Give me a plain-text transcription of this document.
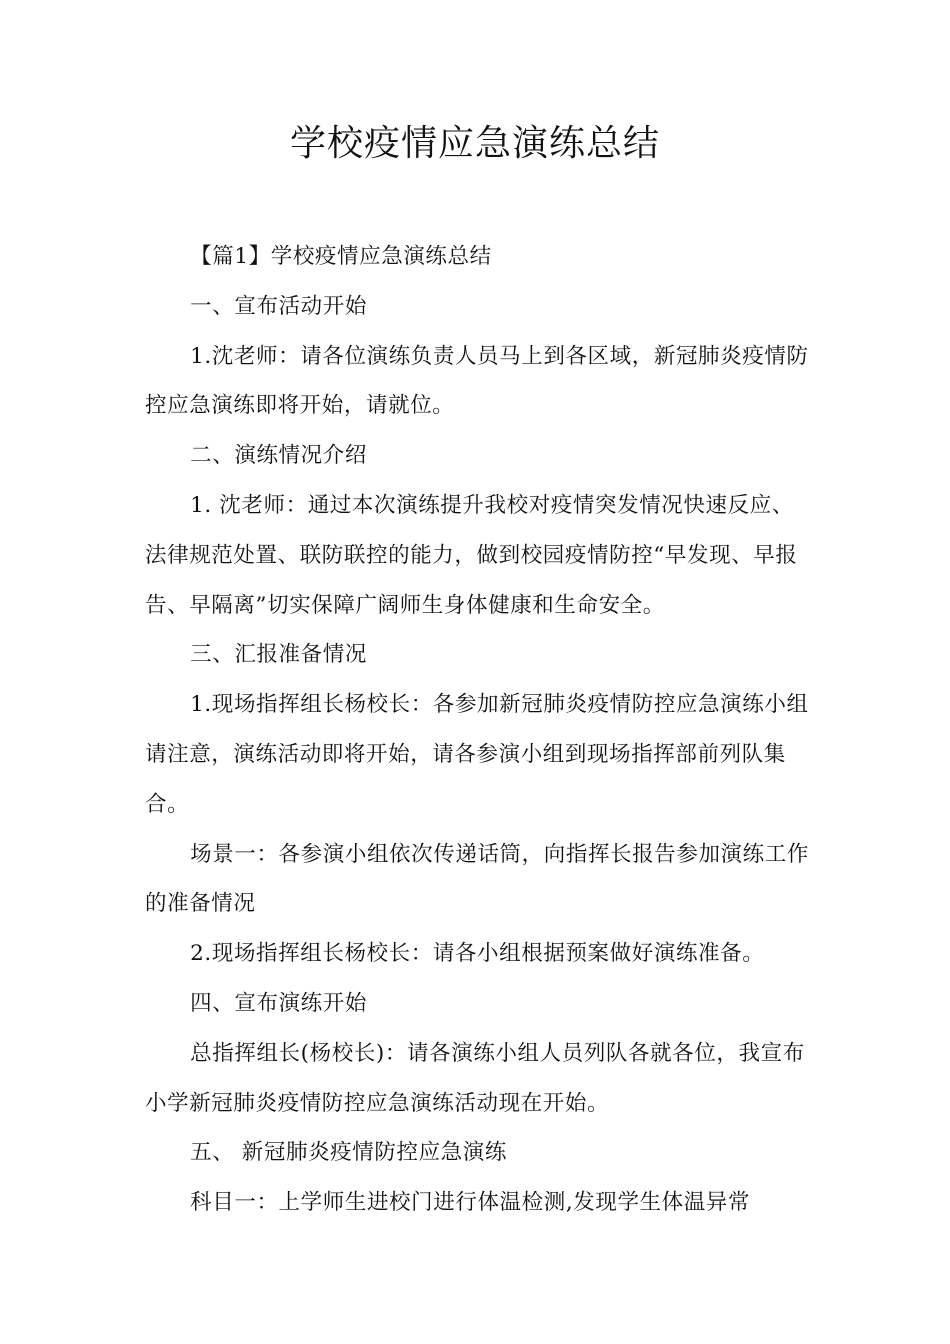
学校疫情应急演练总结

【篇1】学校疫情应急演练总结

一、宣布活动开始

1.沈老师：请各位演练负责人员马上到各区域，新冠肺炎疫情防控应急演练即将开始，请就位。

二、演练情况介绍

1. 沈老师：通过本次演练提升我校对疫情突发情况快速反应、法律规范处置、联防联控的能力，做到校园疫情防控“早发现、早报告、早隔离”切实保障广阔师生身体健康和生命安全。

三、汇报准备情况

1.现场指挥组长杨校长：各参加新冠肺炎疫情防控应急演练小组请注意，演练活动即将开始，请各参演小组到现场指挥部前列队集合。

场景一：各参演小组依次传递话筒，向指挥长报告参加演练工作的准备情况

2.现场指挥组长杨校长：请各小组根据预案做好演练准备。

四、宣布演练开始

总指挥组长(杨校长)：请各演练小组人员列队各就各位，我宣布小学新冠肺炎疫情防控应急演练活动现在开始。

五、 新冠肺炎疫情防控应急演练

科目一：上学师生进校门进行体温检测,发现学生体温异常
